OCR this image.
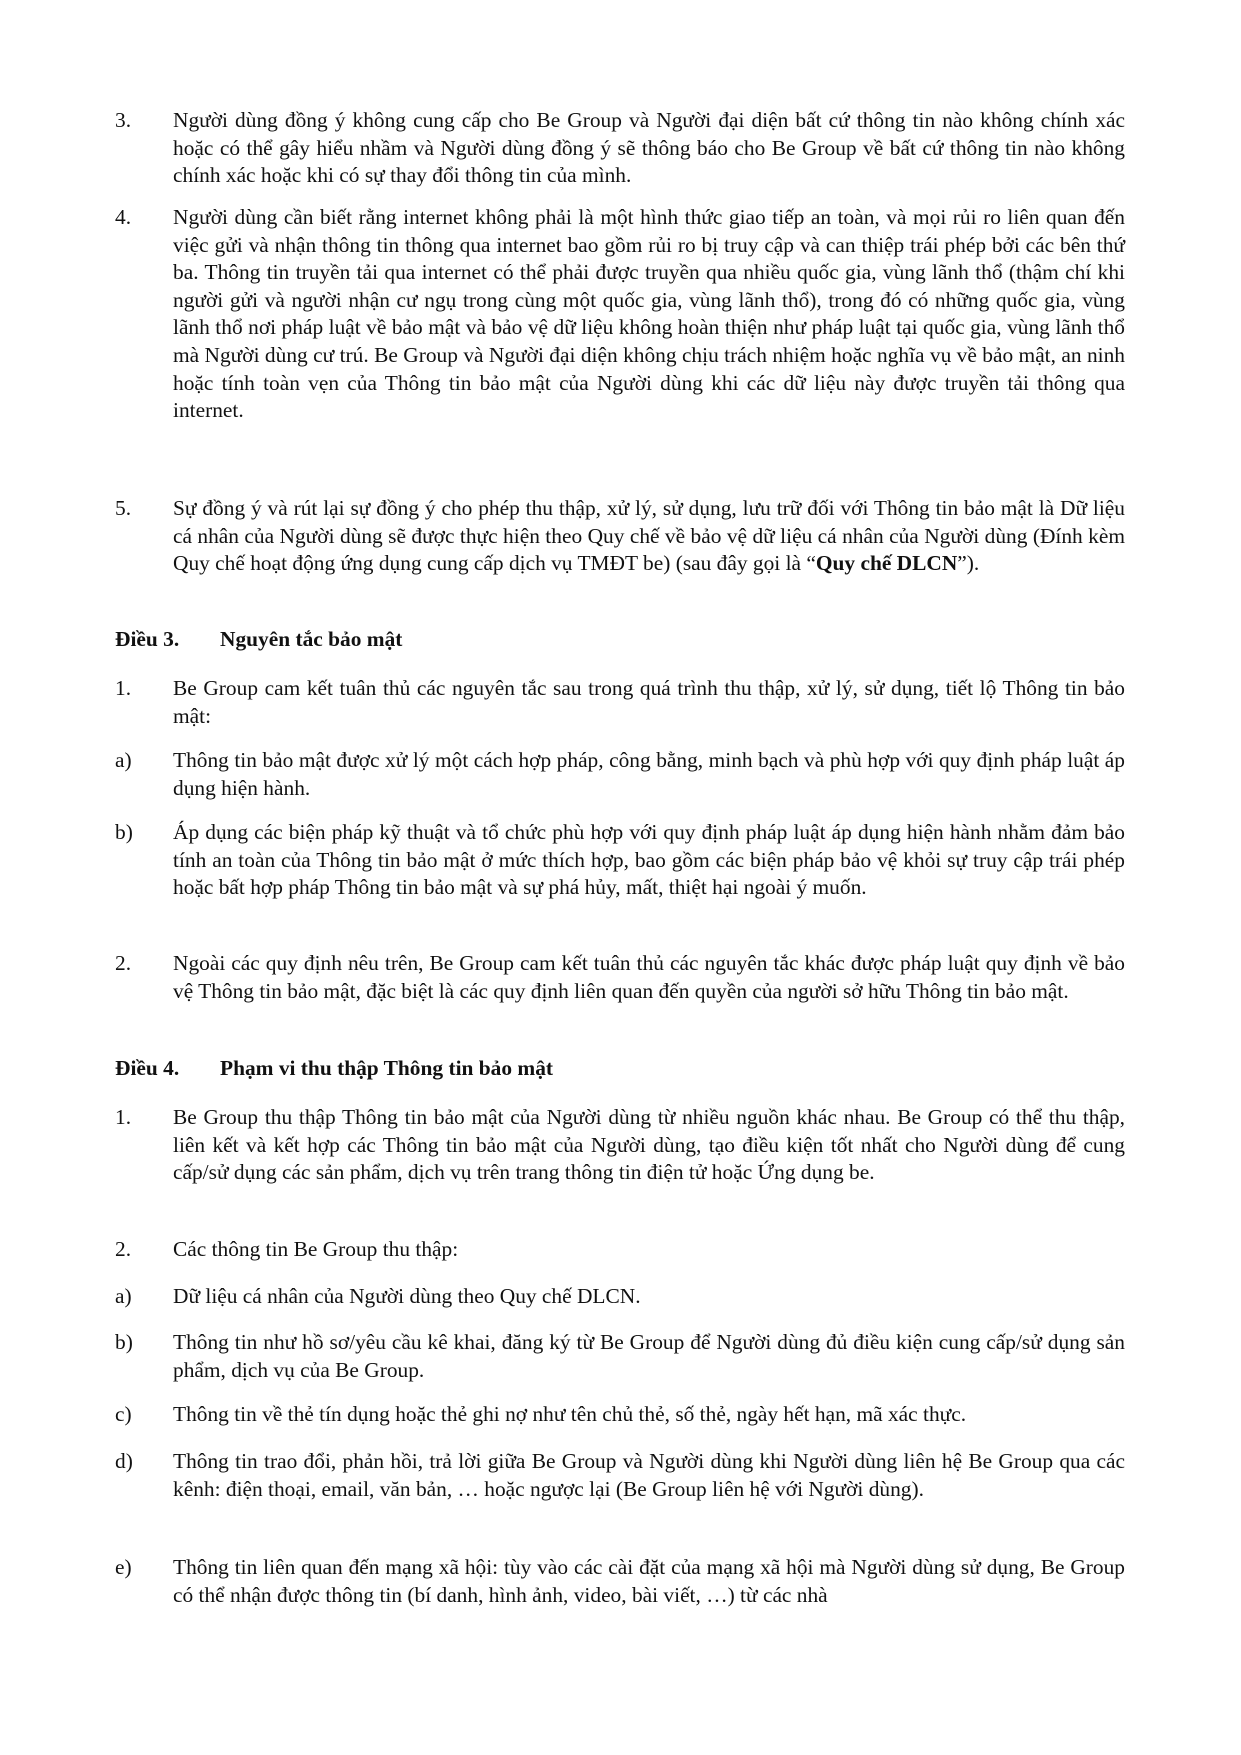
3.	Người dùng đồng ý không cung cấp cho Be Group và Người đại diện bất cứ thông tin nào không chính xác hoặc có thể gây hiểu nhầm và Người dùng đồng ý sẽ thông báo cho Be Group về bất cứ thông tin nào không chính xác hoặc khi có sự thay đổi thông tin của mình.
4.	Người dùng cần biết rằng internet không phải là một hình thức giao tiếp an toàn, và mọi rủi ro liên quan đến việc gửi và nhận thông tin thông qua internet bao gồm rủi ro bị truy cập và can thiệp trái phép bởi các bên thứ ba. Thông tin truyền tải qua internet có thể phải được truyền qua nhiều quốc gia, vùng lãnh thổ (thậm chí khi người gửi và người nhận cư ngụ trong cùng một quốc gia, vùng lãnh thổ), trong đó có những quốc gia, vùng lãnh thổ nơi pháp luật về bảo mật và bảo vệ dữ liệu không hoàn thiện như pháp luật tại quốc gia, vùng lãnh thổ mà Người dùng cư trú. Be Group và Người đại diện không chịu trách nhiệm hoặc nghĩa vụ về bảo mật, an ninh hoặc tính toàn vẹn của Thông tin bảo mật của Người dùng khi các dữ liệu này được truyền tải thông qua internet.
5.	Sự đồng ý và rút lại sự đồng ý cho phép thu thập, xử lý, sử dụng, lưu trữ đối với Thông tin bảo mật là Dữ liệu cá nhân của Người dùng sẽ được thực hiện theo Quy chế về bảo vệ dữ liệu cá nhân của Người dùng (Đính kèm Quy chế hoạt động ứng dụng cung cấp dịch vụ TMĐT be) (sau đây gọi là “Quy chế DLCN”).
Điều 3. Nguyên tắc bảo mật
1.	Be Group cam kết tuân thủ các nguyên tắc sau trong quá trình thu thập, xử lý, sử dụng, tiết lộ Thông tin bảo mật:
a)	Thông tin bảo mật được xử lý một cách hợp pháp, công bằng, minh bạch và phù hợp với quy định pháp luật áp dụng hiện hành.
b)	Áp dụng các biện pháp kỹ thuật và tổ chức phù hợp với quy định pháp luật áp dụng hiện hành nhằm đảm bảo tính an toàn của Thông tin bảo mật ở mức thích hợp, bao gồm các biện pháp bảo vệ khỏi sự truy cập trái phép hoặc bất hợp pháp Thông tin bảo mật và sự phá hủy, mất, thiệt hại ngoài ý muốn.
2.	Ngoài các quy định nêu trên, Be Group cam kết tuân thủ các nguyên tắc khác được pháp luật quy định về bảo vệ Thông tin bảo mật, đặc biệt là các quy định liên quan đến quyền của người sở hữu Thông tin bảo mật.
Điều 4. Phạm vi thu thập Thông tin bảo mật
1.	Be Group thu thập Thông tin bảo mật của Người dùng từ nhiều nguồn khác nhau. Be Group có thể thu thập, liên kết và kết hợp các Thông tin bảo mật của Người dùng, tạo điều kiện tốt nhất cho Người dùng để cung cấp/sử dụng các sản phẩm, dịch vụ trên trang thông tin điện tử hoặc Ứng dụng be.
2.	Các thông tin Be Group thu thập:
a)	Dữ liệu cá nhân của Người dùng theo Quy chế DLCN.
b)	Thông tin như hồ sơ/yêu cầu kê khai, đăng ký từ Be Group để Người dùng đủ điều kiện cung cấp/sử dụng sản phẩm, dịch vụ của Be Group.
c)	Thông tin về thẻ tín dụng hoặc thẻ ghi nợ như tên chủ thẻ, số thẻ, ngày hết hạn, mã xác thực.
d)	Thông tin trao đổi, phản hồi, trả lời giữa Be Group và Người dùng khi Người dùng liên hệ Be Group qua các kênh: điện thoại, email, văn bản, … hoặc ngược lại (Be Group liên hệ với Người dùng).
e)	Thông tin liên quan đến mạng xã hội: tùy vào các cài đặt của mạng xã hội mà Người dùng sử dụng, Be Group có thể nhận được thông tin (bí danh, hình ảnh, video, bài viết, …) từ các nhà
